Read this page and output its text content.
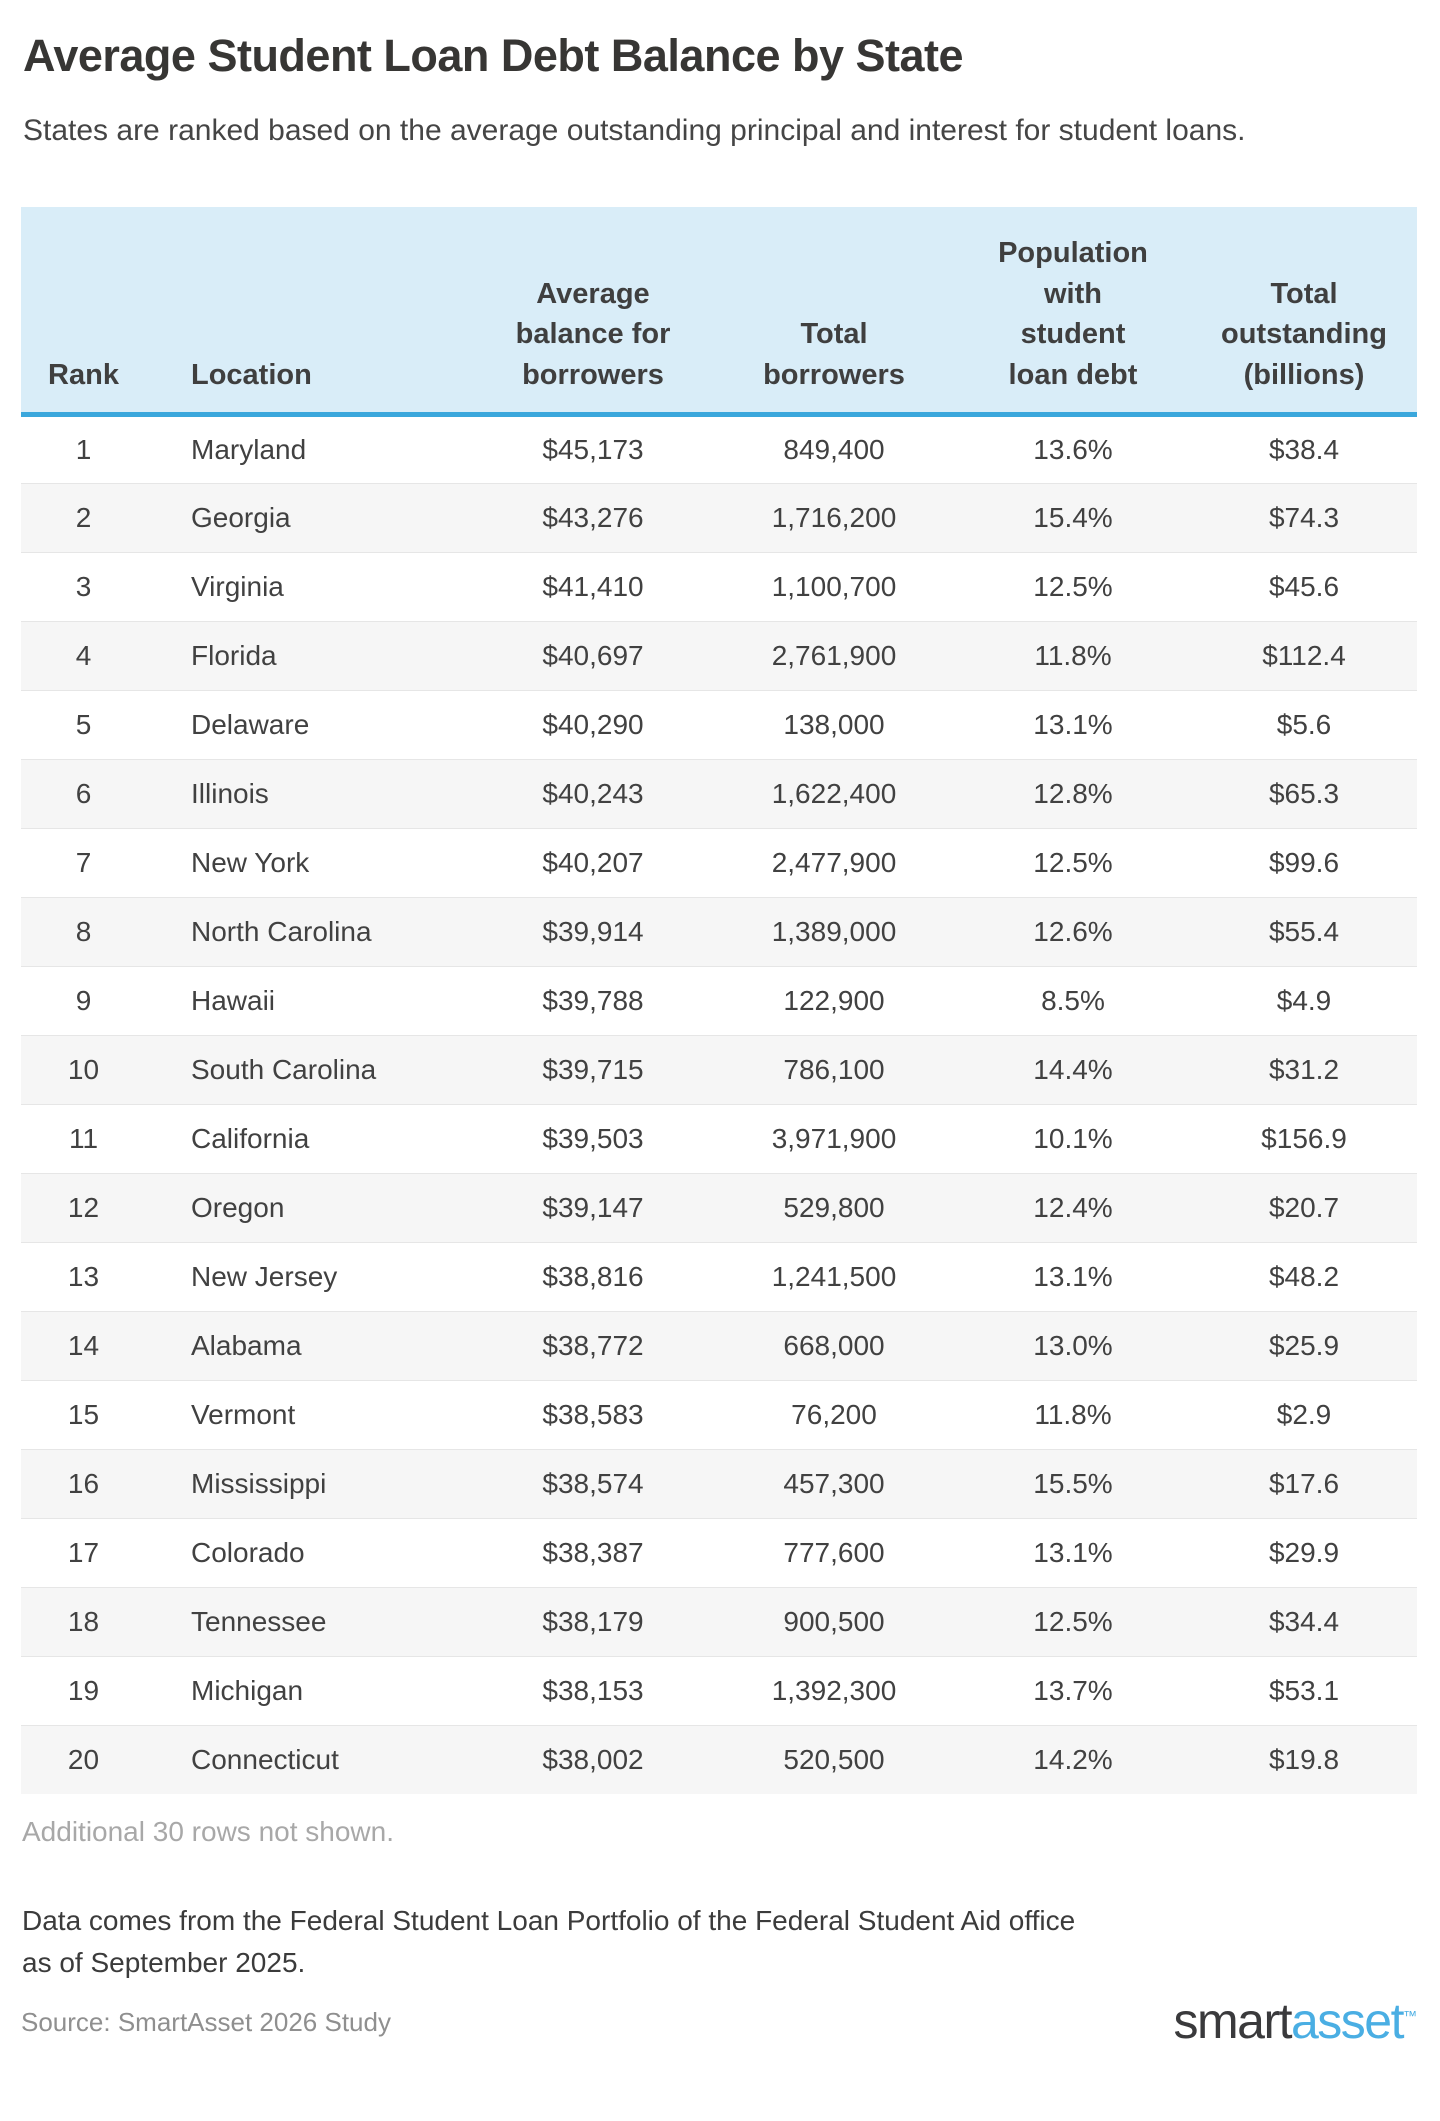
Average Student Loan Debt Balance by State
States are ranked based on the average outstanding principal and interest for student loans.
Rank	Location	Average balance for borrowers	Total borrowers	Population with student loan debt	Total outstanding (billions)
1	Maryland	$45,173	849,400	13.6%	$38.4
2	Georgia	$43,276	1,716,200	15.4%	$74.3
3	Virginia	$41,410	1,100,700	12.5%	$45.6
4	Florida	$40,697	2,761,900	11.8%	$112.4
5	Delaware	$40,290	138,000	13.1%	$5.6
6	Illinois	$40,243	1,622,400	12.8%	$65.3
7	New York	$40,207	2,477,900	12.5%	$99.6
8	North Carolina	$39,914	1,389,000	12.6%	$55.4
9	Hawaii	$39,788	122,900	8.5%	$4.9
10	South Carolina	$39,715	786,100	14.4%	$31.2
11	California	$39,503	3,971,900	10.1%	$156.9
12	Oregon	$39,147	529,800	12.4%	$20.7
13	New Jersey	$38,816	1,241,500	13.1%	$48.2
14	Alabama	$38,772	668,000	13.0%	$25.9
15	Vermont	$38,583	76,200	11.8%	$2.9
16	Mississippi	$38,574	457,300	15.5%	$17.6
17	Colorado	$38,387	777,600	13.1%	$29.9
18	Tennessee	$38,179	900,500	12.5%	$34.4
19	Michigan	$38,153	1,392,300	13.7%	$53.1
20	Connecticut	$38,002	520,500	14.2%	$19.8
Additional 30 rows not shown.
Data comes from the Federal Student Loan Portfolio of the Federal Student Aid office
as of September 2025.
Source: SmartAsset 2026 Study	smartasset™
